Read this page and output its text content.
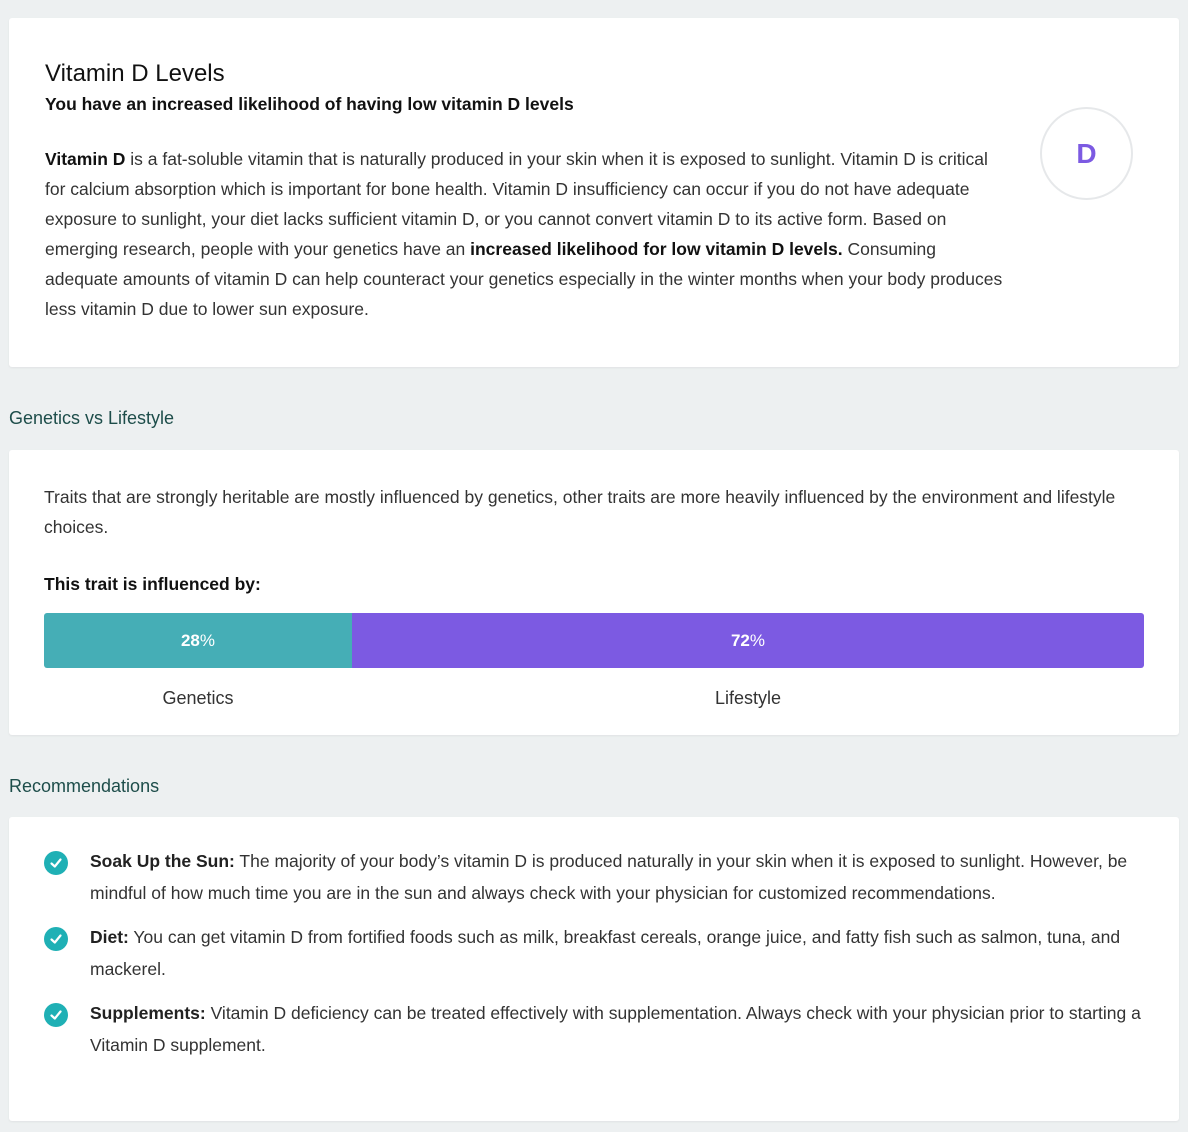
Vitamin D Levels
You have an increased likelihood of having low vitamin D levels

Vitamin D is a fat-soluble vitamin that is naturally produced in your skin when it is exposed to sunlight. Vitamin D is critical for calcium absorption which is important for bone health. Vitamin D insufficiency can occur if you do not have adequate exposure to sunlight, your diet lacks sufficient vitamin D, or you cannot convert vitamin D to its active form. Based on emerging research, people with your genetics have an increased likelihood for low vitamin D levels. Consuming adequate amounts of vitamin D can help counteract your genetics especially in the winter months when your body produces less vitamin D due to lower sun exposure.

D
Genetics vs Lifestyle

Traits that are strongly heritable are mostly influenced by genetics, other traits are more heavily influenced by the environment and lifestyle choices.

This trait is influenced by:

28 %	72 %
Genetics	Lifestyle
Recommendations
Soak Up the Sun: The majority of your body’s vitamin D is produced naturally in your skin when it is exposed to sunlight. However, be mindful of how much time you are in the sun and always check with your physician for customized recommendations.
Diet: You can get vitamin D from fortified foods such as milk, breakfast cereals, orange juice, and fatty fish such as salmon, tuna, and mackerel.
Supplements: Vitamin D deficiency can be treated effectively with supplementation. Always check with your physician prior to starting a Vitamin D supplement.
